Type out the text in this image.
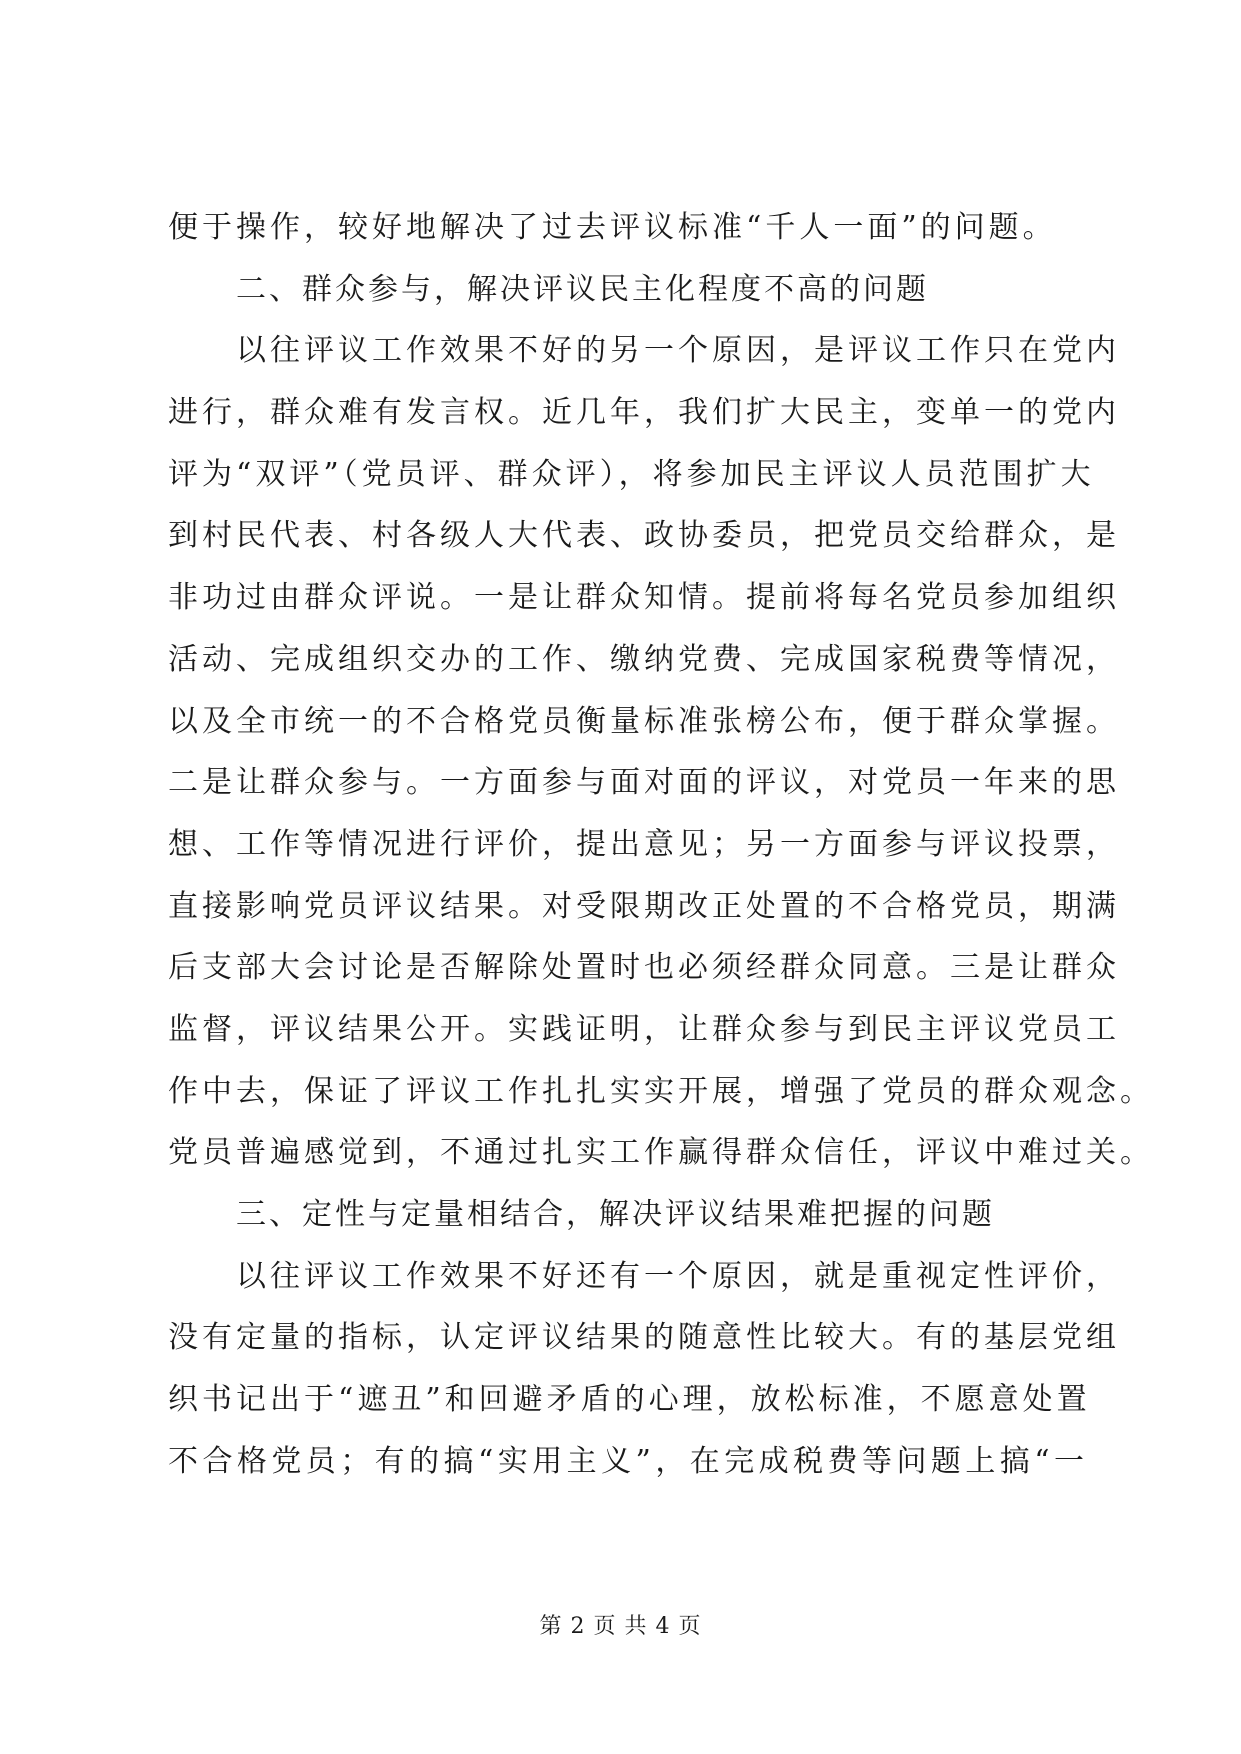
便于操作，较好地解决了过去评议标准“千人一面”的问题。
二、群众参与，解决评议民主化程度不高的问题
以往评议工作效果不好的另一个原因，是评议工作只在党内
进行，群众难有发言权。近几年，我们扩大民主，变单一的党内
评为“双评”（党员评、群众评），将参加民主评议人员范围扩大
到村民代表、村各级人大代表、政协委员，把党员交给群众，是
非功过由群众评说。一是让群众知情。提前将每名党员参加组织
活动、完成组织交办的工作、缴纳党费、完成国家税费等情况，
以及全市统一的不合格党员衡量标准张榜公布，便于群众掌握。
二是让群众参与。一方面参与面对面的评议，对党员一年来的思
想、工作等情况进行评价，提出意见；另一方面参与评议投票，
直接影响党员评议结果。对受限期改正处置的不合格党员，期满
后支部大会讨论是否解除处置时也必须经群众同意。三是让群众
监督，评议结果公开。实践证明，让群众参与到民主评议党员工
作中去，保证了评议工作扎扎实实开展，增强了党员的群众观念。
党员普遍感觉到，不通过扎实工作赢得群众信任，评议中难过关。
三、定性与定量相结合，解决评议结果难把握的问题
以往评议工作效果不好还有一个原因，就是重视定性评价，
没有定量的指标，认定评议结果的随意性比较大。有的基层党组
织书记出于“遮丑”和回避矛盾的心理，放松标准，不愿意处置
不合格党员；有的搞“实用主义”，在完成税费等问题上搞“一
第 2 页 共 4 页
